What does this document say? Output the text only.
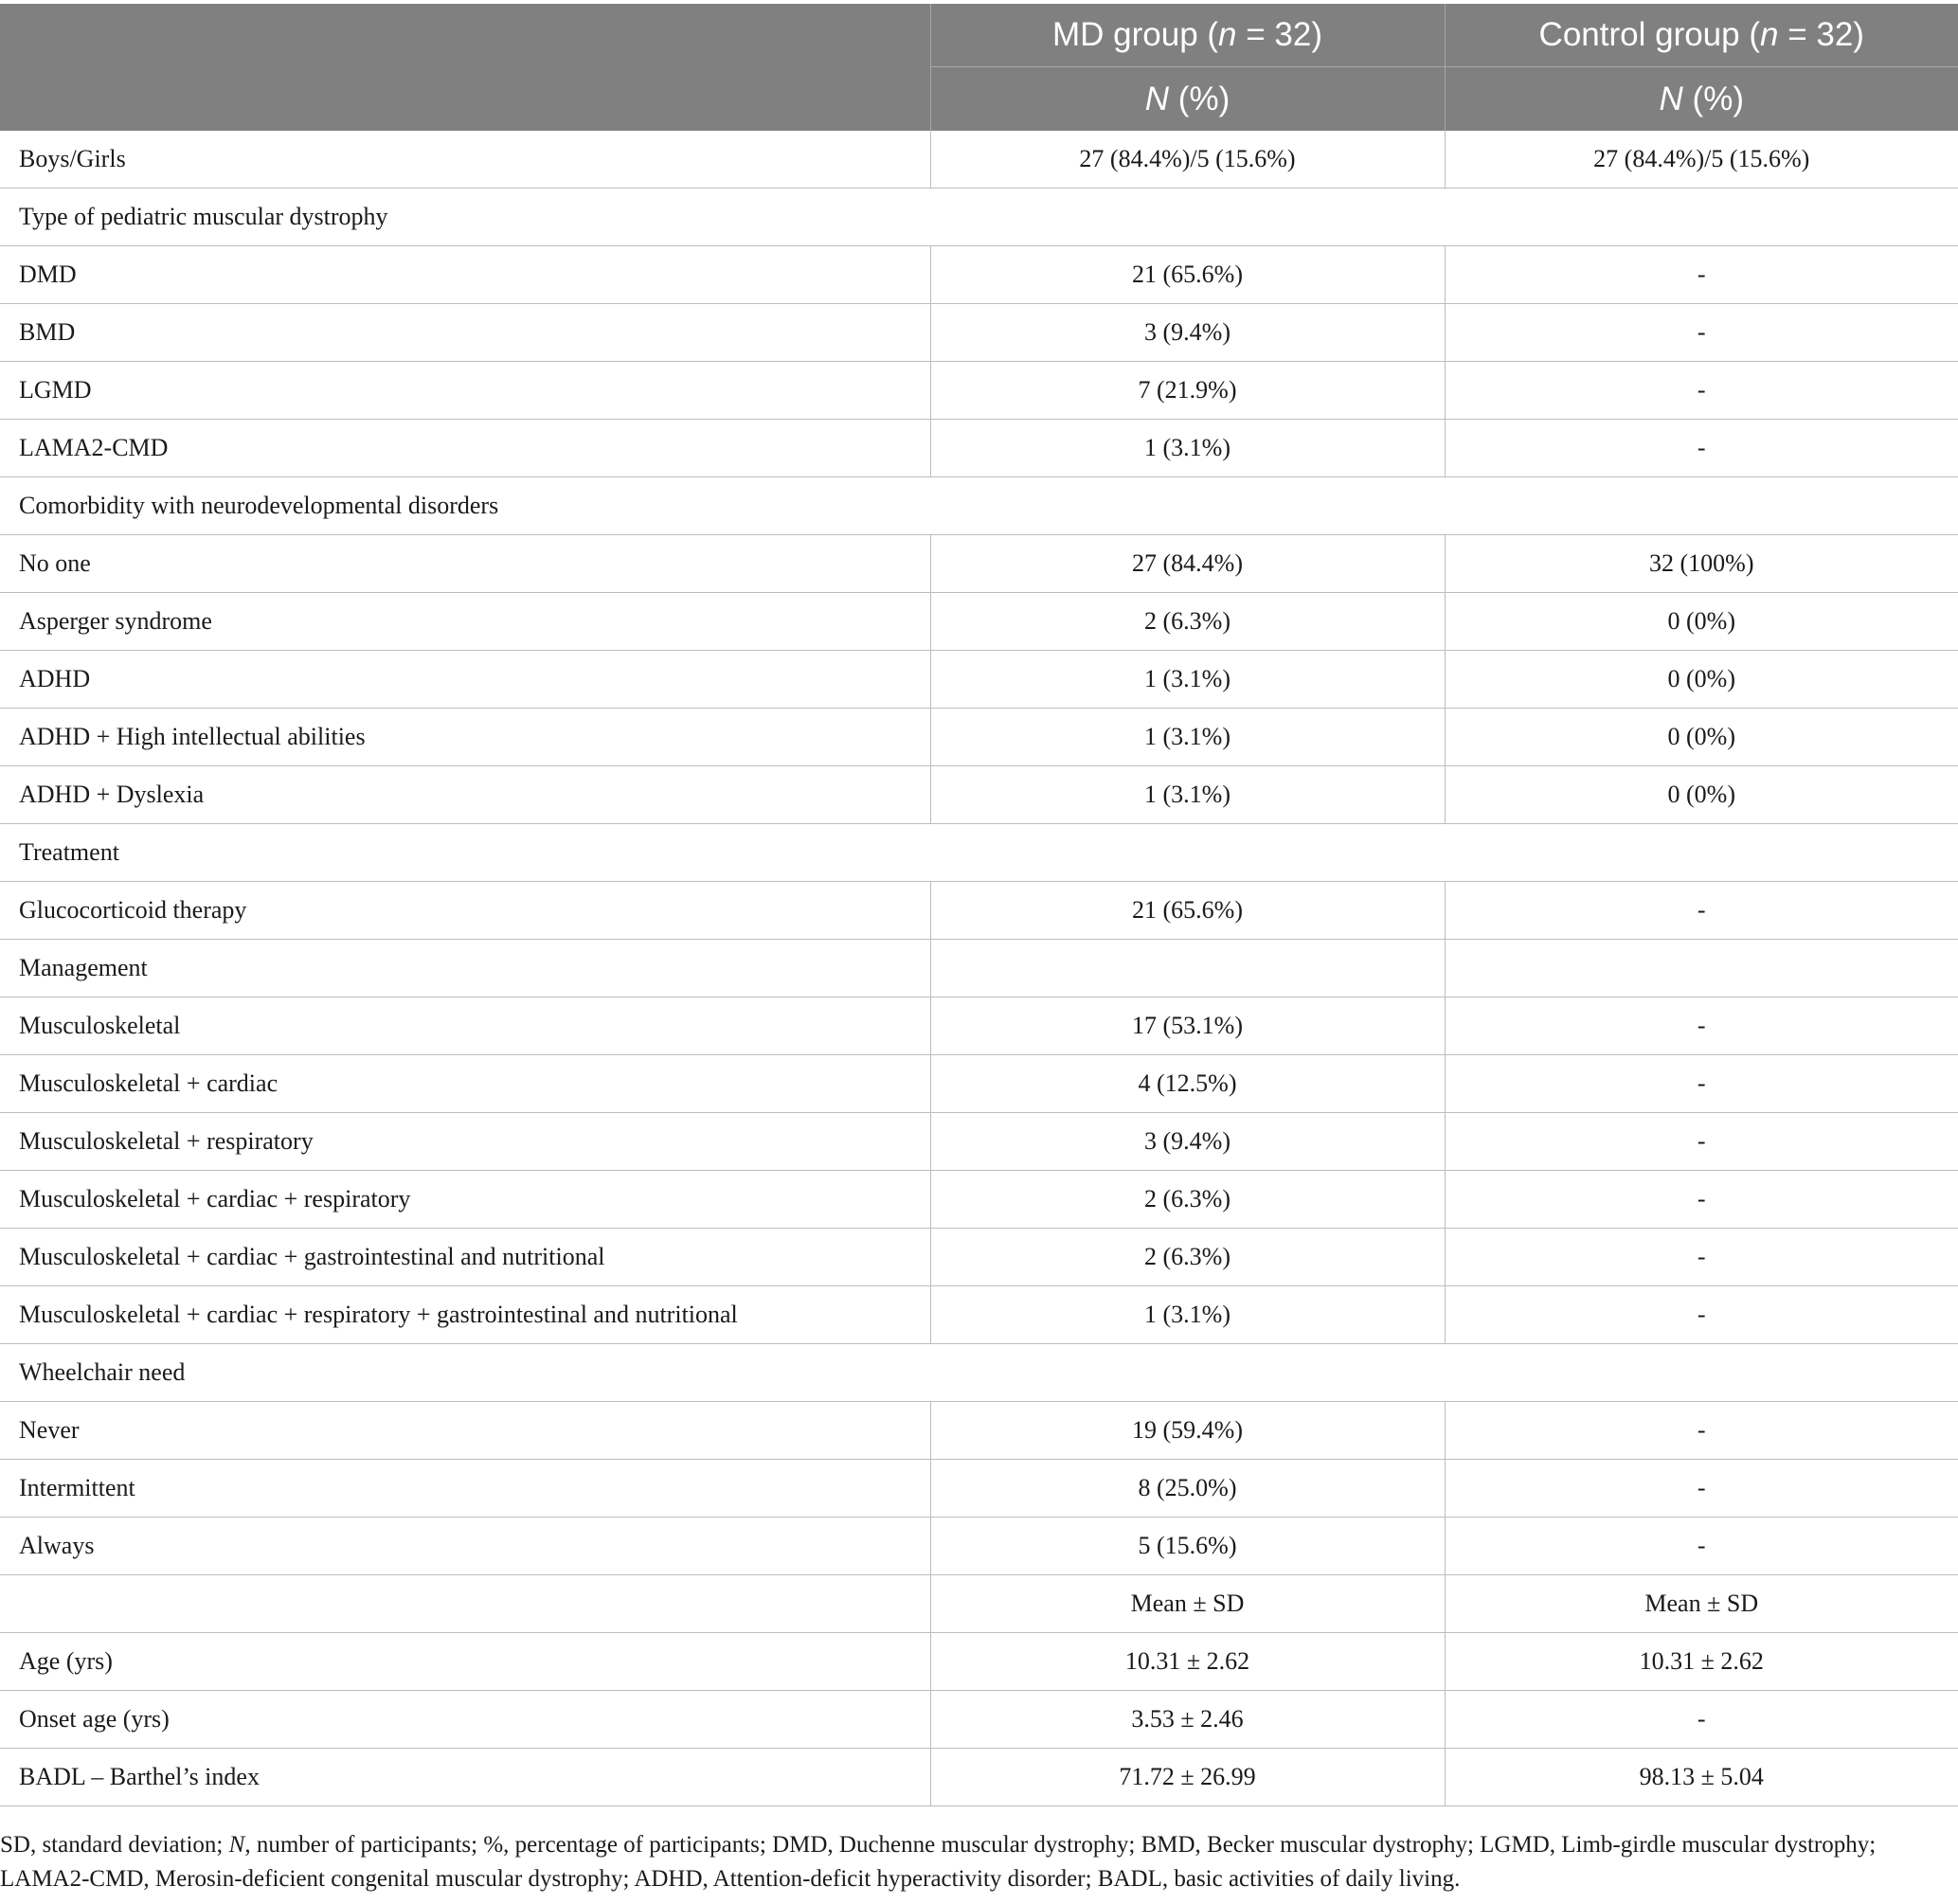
	MD group (n = 32)	Control group (n = 32)
	N (%)	N (%)
Boys/Girls	27 (84.4%)/5 (15.6%)	27 (84.4%)/5 (15.6%)
Type of pediatric muscular dystrophy		
DMD	21 (65.6%)	-
BMD	3 (9.4%)	-
LGMD	7 (21.9%)	-
LAMA2-CMD	1 (3.1%)	-
Comorbidity with neurodevelopmental disorders		
No one	27 (84.4%)	32 (100%)
Asperger syndrome	2 (6.3%)	0 (0%)
ADHD	1 (3.1%)	0 (0%)
ADHD + High intellectual abilities	1 (3.1%)	0 (0%)
ADHD + Dyslexia	1 (3.1%)	0 (0%)
Treatment		
Glucocorticoid therapy	21 (65.6%)	-
Management		
Musculoskeletal	17 (53.1%)	-
Musculoskeletal + cardiac	4 (12.5%)	-
Musculoskeletal + respiratory	3 (9.4%)	-
Musculoskeletal + cardiac + respiratory	2 (6.3%)	-
Musculoskeletal + cardiac + gastrointestinal and nutritional	2 (6.3%)	-
Musculoskeletal + cardiac + respiratory + gastrointestinal and nutritional	1 (3.1%)	-
Wheelchair need		
Never	19 (59.4%)	-
Intermittent	8 (25.0%)	-
Always	5 (15.6%)	-
	Mean ± SD	Mean ± SD
Age (yrs)	10.31 ± 2.62	10.31 ± 2.62
Onset age (yrs)	3.53 ± 2.46	-
BADL – Barthel’s index	71.72 ± 26.99	98.13 ± 5.04
SD, standard deviation; N, number of participants; %, percentage of participants; DMD, Duchenne muscular dystrophy; BMD, Becker muscular dystrophy; LGMD, Limb-girdle muscular dystrophy; LAMA2-CMD, Merosin-deficient congenital muscular dystrophy; ADHD, Attention-deficit hyperactivity disorder; BADL, basic activities of daily living.
